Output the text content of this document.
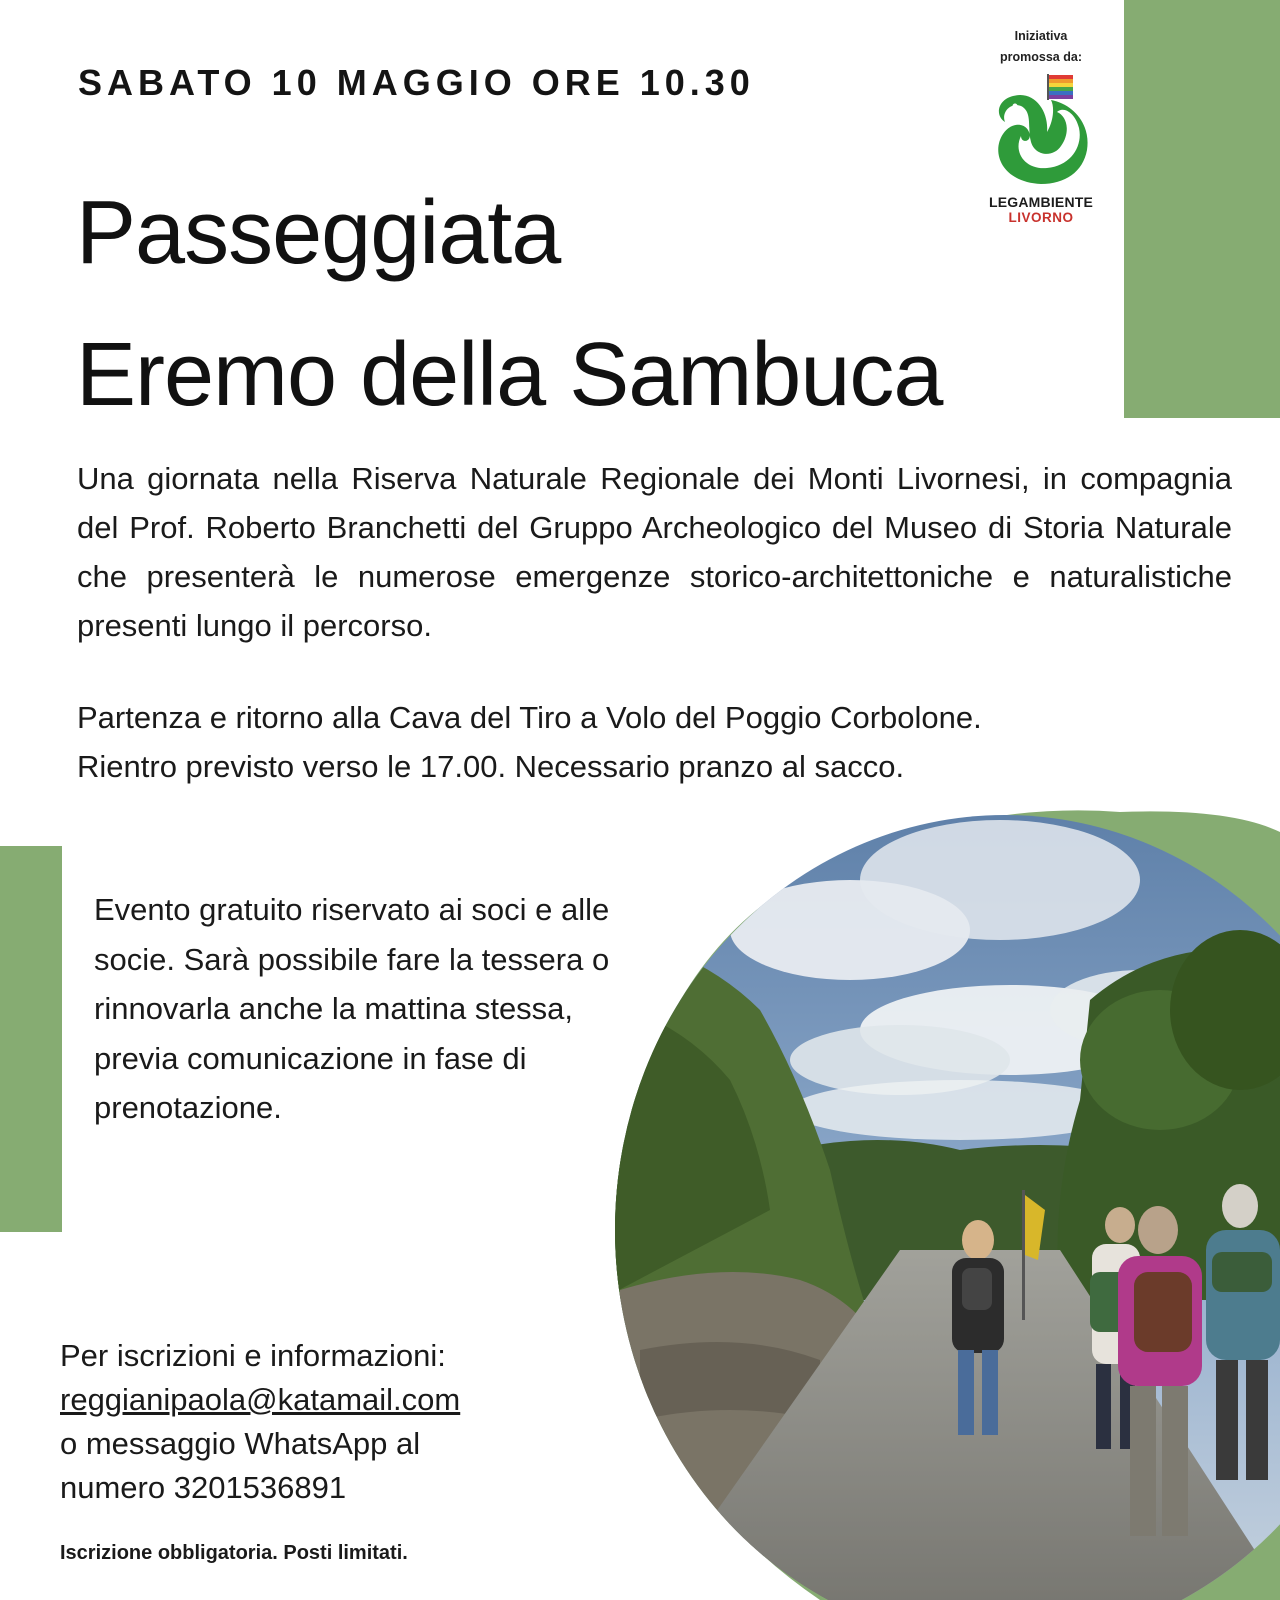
SABATO 10 MAGGIO ORE 10.30
Passeggiata
Eremo della Sambuca
Iniziativa
promossa da:
LEGAMBIENTE
LIVORNO

Una giornata nella Riserva Naturale Regionale dei Monti Livornesi, in compagnia del Prof. Roberto Branchetti del Gruppo Archeologico del Museo di Storia Naturale che presenterà le numerose emergenze storico-architettoniche e naturalistiche presenti lungo il percorso.

Partenza e ritorno alla Cava del Tiro a Volo del Poggio Corbolone.
Rientro previsto verso le 17.00. Necessario pranzo al sacco.

Evento gratuito riservato ai soci e alle socie. Sarà possibile fare la tessera o rinnovarla anche la mattina stessa, previa comunicazione in fase di prenotazione.

Per iscrizioni e informazioni:
reggianipaola@katamail.com
o messaggio WhatsApp al
numero 3201536891
Iscrizione obbligatoria. Posti limitati.
